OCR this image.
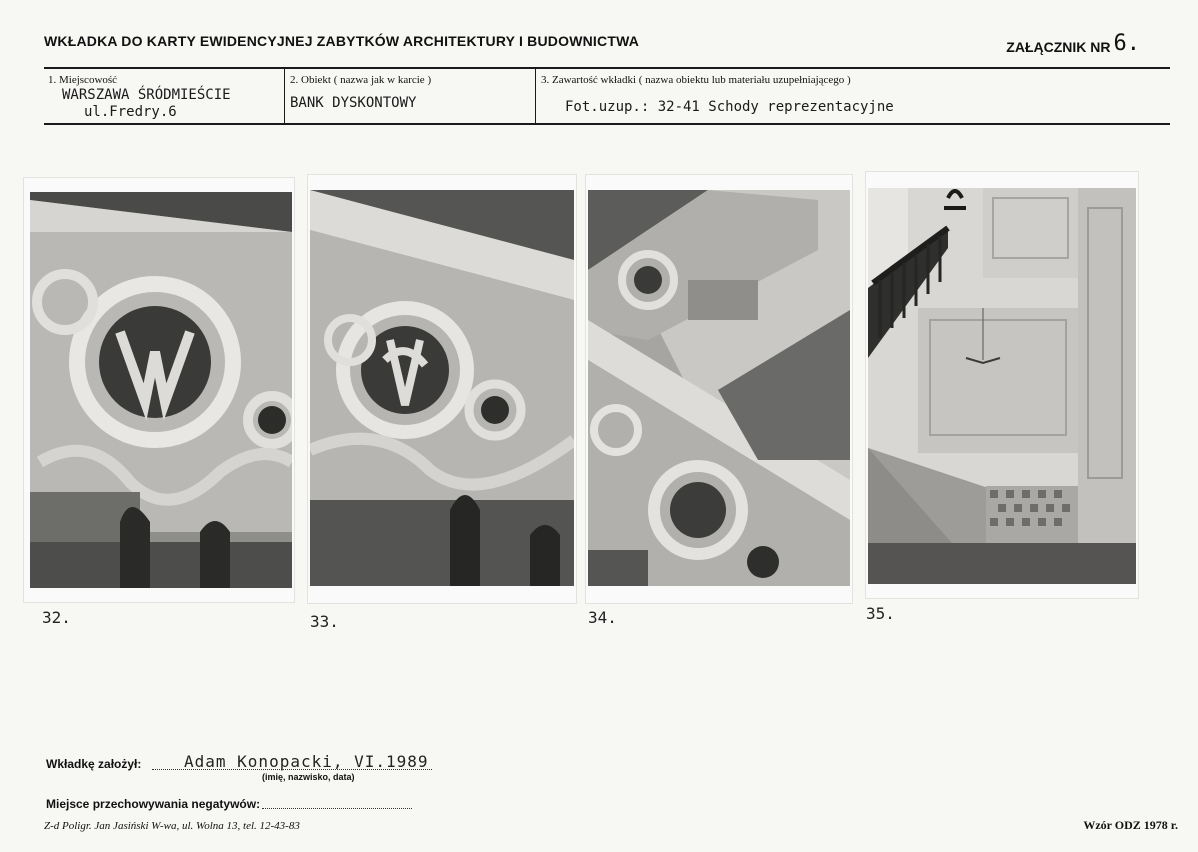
WKŁADKA DO KARTY EWIDENCYJNEJ ZABYTKÓW ARCHITEKTURY I BUDOWNICTWA	ZAŁĄCZNIK NR 6.
1. Miejscowość
WARSZAWA ŚRÓDMIEŚCIE
ul.Fredry.6
2. Obiekt ( nazwa jak w karcie )
BANK DYSKONTOWY
3. Zawartość wkładki ( nazwa obiektu lub materiału uzupełniającego )
Fot.uzup.: 32-41 Schody reprezentacyjne
32.	33.	34.	35.
Wkładkę założył:	Adam Konopacki, VI.1989
(imię, nazwisko, data)
Miejsce przechowywania negatywów:
Z-d Poligr. Jan Jasiński W-wa, ul. Wolna 13, tel. 12-43-83	Wzór ODZ 1978 r.
